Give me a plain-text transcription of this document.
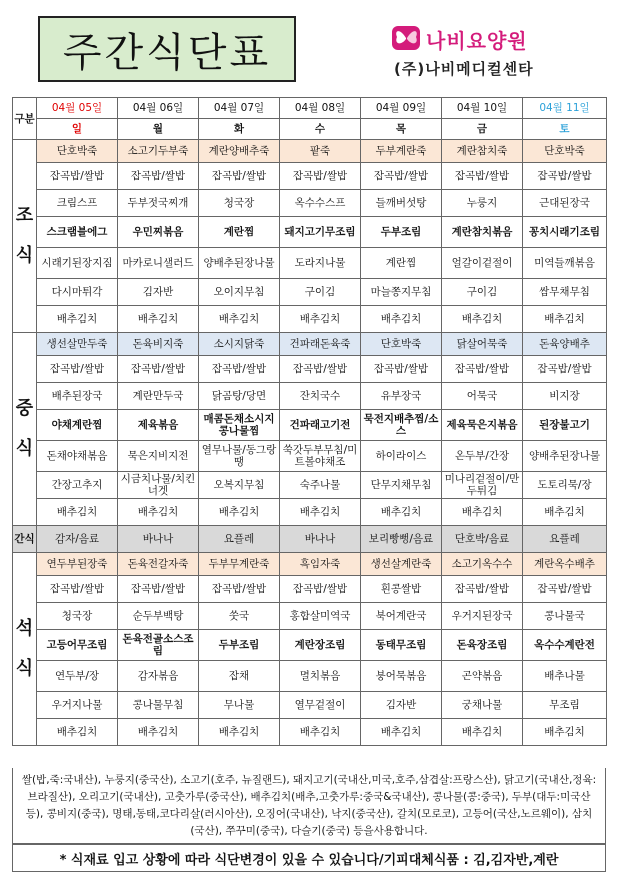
주간식단표	나비요양원
(주)나비메디컬센타
구분	04월 05일	04월 06일	04월 07일	04월 08일	04월 09일	04월 10일	04월 11일
	일	월	화	수	목	금	토

조
식	단호박죽	소고기두부죽	계란양배추죽	팥죽	두부계란죽	계란참치죽	단호박죽
	잡곡밥/쌀밥	잡곡밥/쌀밥	잡곡밥/쌀밥	잡곡밥/쌀밥	잡곡밥/쌀밥	잡곡밥/쌀밥	잡곡밥/쌀밥
	크림스프	두부젓국찌개	청국장	옥수수스프	들깨버섯탕	누룽지	근대된장국
	스크램블에그	우민찌볶음	계란찜	돼지고기무조림	두부조림	계란참치볶음	꽁치시래기조림
	시래기된장지짐	마카로니샐러드	양배추된장나물	도라지나물	계란찜	얼갈이겉절이	미역들깨볶음
	다시마튀각	김자반	오이지무침	구이김	마늘쫑지무침	구이김	쌈무채무침
	배추김치	배추김치	배추김치	배추김치	배추김치	배추김치	배추김치

중
식	생선살만두죽	돈육비지죽	소시지닭죽	건파래돈육죽	단호박죽	닭살어묵죽	돈육양배추
	잡곡밥/쌀밥	잡곡밥/쌀밥	잡곡밥/쌀밥	잡곡밥/쌀밥	잡곡밥/쌀밥	잡곡밥/쌀밥	잡곡밥/쌀밥
	배추된장국	계란만두국	닭곰탕/당면	잔치국수	유부장국	어묵국	비지장
	야채계란찜	제육볶음	매콤돈채소시지콩나물찜	건파래고기전	묵전지배추찜/소스	제육묵은지볶음	된장불고기
	돈채야채볶음	묵은지비지전	열무나물/동그랑땡	쑥갓두부무침/미트볼야채조	하이라이스	온두부/간장	양배추된장나물
	간장고추지	시금치나물/치킨너겟	오복지무침	숙주나물	단무지채무침	미나리겉절이/만두튀김	도토리묵/장
	배추김치	배추김치	배추김치	배추김치	배추김치	배추김치	배추김치
간식	감자/음료	바나나	요플레	바나나	보리빵뻥/음료	단호박/음료	요플레

석
식	연두부된장죽	돈육전갈자죽	두부무계란죽	흑임자죽	생선살계란죽	소고기옥수수	계란옥수배추
	잡곡밥/쌀밥	잡곡밥/쌀밥	잡곡밥/쌀밥	잡곡밥/쌀밥	흰콩쌀밥	잡곡밥/쌀밥	잡곡밥/쌀밥
	청국장	순두부백탕	쑷국	홍합살미역국	북어계란국	우거지된장국	콩나물국
	고등어무조림	돈육전골소스조림	두부조림	계란장조림	동태무조림	돈육장조림	옥수수계란전
	연두부/장	감자볶음	잡채	멸치볶음	붕어묵볶음	곤약볶음	배추나물
	우거지나물	콩나물무침	무나물	열무겉절이	김자반	궁채나물	무조림
	배추김치	배추김치	배추김치	배추김치	배추김치	배추김치	배추김치
쌀(밥,죽:국내산), 누룽지(중국산), 소고기(호주, 뉴질랜드), 돼지고기(국내산,미국,호주,삼겹살:프랑스산), 닭고기(국내산,정육:브라질산), 오리고기(국내산), 고춧가루(중국산), 배추김치(배추,고춧가루:중국&국내산), 콩나물(콩:중국), 두부(대두:미국산등), 콩비지(중국), 명태,동태,코다리살(러시아산), 오징어(국내산), 낙지(중국산), 갈치(모로코), 고등어(국산,노르웨이), 삼치(국산), 쭈꾸미(중국), 다슬기(중국) 등을사용합니다.
* 식재료 입고 상황에 따라 식단변경이 있을 수 있습니다/기피대체식품 : 김,김자반,계란
